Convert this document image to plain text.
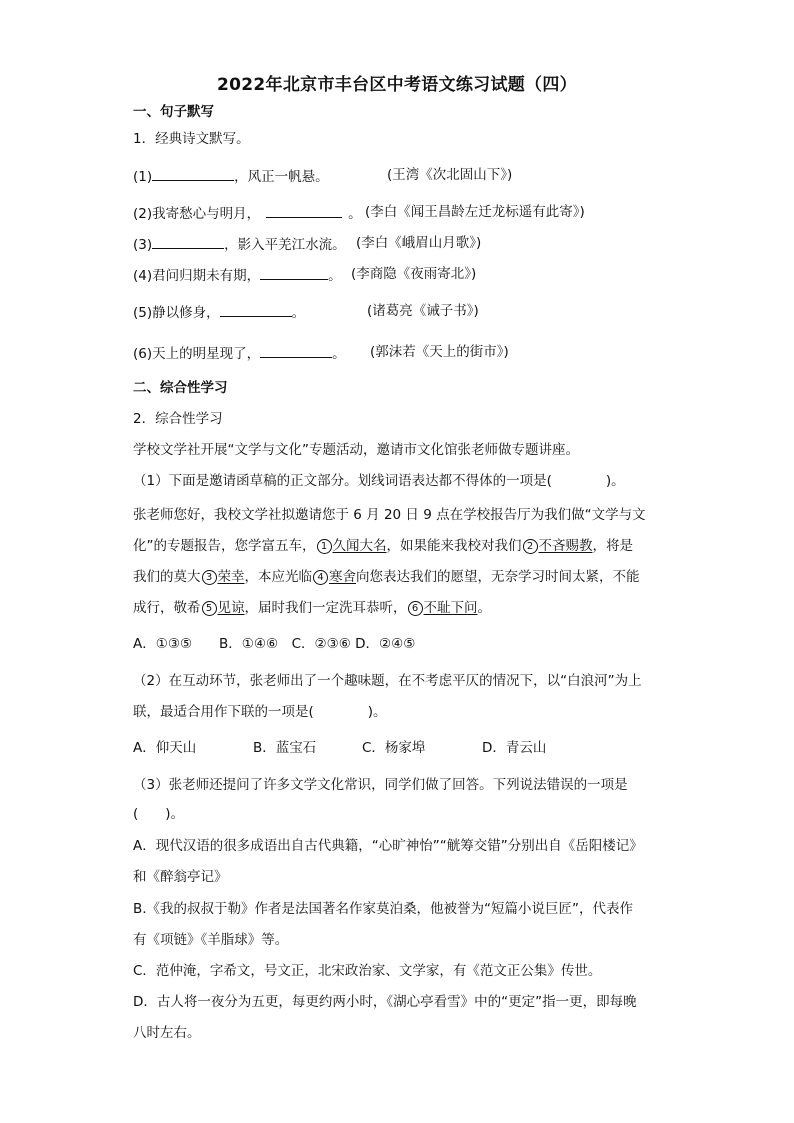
2022年北京市丰台区中考语文练习试题（四）
一、句子默写
1．经典诗文默写。
(1)	，风正一帆悬。	(王湾《次北固山下》)
(2)我寄愁心与明月，	。 (李白《闻王昌龄左迁龙标遥有此寄》)
(3)	，影入平羌江水流。 (李白《峨眉山月歌》)
(4)君问归期未有期，	。 (李商隐《夜雨寄北》)
(5)静以修身，	。	(诸葛亮《诫子书》)
(6)天上的明星现了，	。 (郭沫若《天上的街市》)
二、综合性学习
2．综合性学习
学校文学社开展“文学与文化”专题活动，邀请市文化馆张老师做专题讲座。
（1）下面是邀请函草稿的正文部分。划线词语表达都不得体的一项是(　　　　)。
张老师您好，我校文学社拟邀请您于 6 月 20 日 9 点在学校报告厅为我们做“文学与文
化”的专题报告，您学富五车， 1 久闻大名，如果能来我校对我们 2 不吝赐教，将是
我们的莫大 3 荣幸，本应光临 4 寒舍向您表达我们的愿望，无奈学习时间太紧，不能
成行，敬希 5 见谅，届时我们一定洗耳恭听， 6 不耻下问。
A．①③⑤　　B．①④⑥　C．②③⑥ D．②④⑤
（2）在互动环节，张老师出了一个趣味题，在不考虑平仄的情况下，以“白浪河”为上
联，最适合用作下联的一项是(　　　　)。
A．仰天山	B．蓝宝石	C．杨家埠	D．青云山
（3）张老师还提问了许多文学文化常识，同学们做了回答。下列说法错误的一项是
(　　)。
A．现代汉语的很多成语出自古代典籍，“心旷神怡”“觥筹交错”分别出自《岳阳楼记》
和《醉翁亭记》
B.《我的叔叔于勒》作者是法国著名作家莫泊桑，他被誉为“短篇小说巨匠”，代表作
有《项链》《羊脂球》等。
C．范仲淹，字希文，号文正，北宋政治家、文学家，有《范文正公集》传世。
D．古人将一夜分为五更，每更约两小时，《湖心亭看雪》中的“更定”指一更，即每晚
八时左右。
